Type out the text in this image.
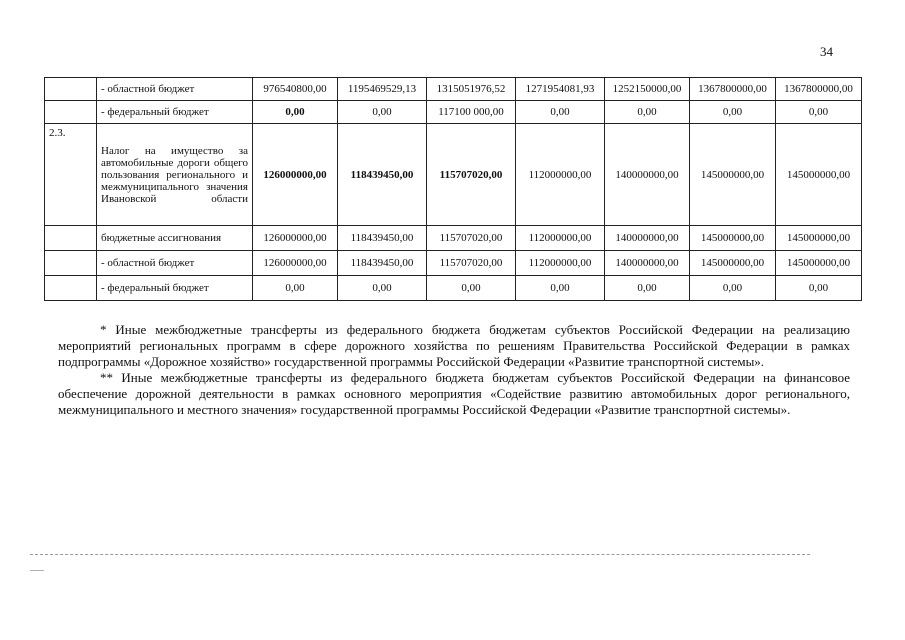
34
	- областной бюджет	976540800,00	1195469529,13	1315051976,52	1271954081,93	1252150000,00	1367800000,00	1367800000,00
	- федеральный бюджет	0,00	0,00	117100 000,00	0,00	0,00	0,00	0,00
2.3.	Налог на имущество за автомобильные дороги общего пользования регионального и межмуниципального значения Ивановской области	126000000,00	118439450,00	115707020,00	112000000,00	140000000,00	145000000,00	145000000,00
	бюджетные ассигнования	126000000,00	118439450,00	115707020,00	112000000,00	140000000,00	145000000,00	145000000,00
	- областной бюджет	126000000,00	118439450,00	115707020,00	112000000,00	140000000,00	145000000,00	145000000,00
	- федеральный бюджет	0,00	0,00	0,00	0,00	0,00	0,00	0,00

* Иные межбюджетные трансферты из федерального бюджета бюджетам субъектов Российской Федерации на реализацию мероприятий региональных программ в сфере дорожного хозяйства по решениям Правительства Российской Федерации в рамках подпрограммы «Дорожное хозяйство» государственной программы Российской Федерации «Развитие транспортной системы».

** Иные межбюджетные трансферты из федерального бюджета бюджетам субъектов Российской Федерации на финансовое обеспечение дорожной деятельности в рамках основного мероприятия «Содействие развитию автомобильных дорог регионального, межмуниципального и местного значения» государственной программы Российской Федерации «Развитие транспортной системы».
